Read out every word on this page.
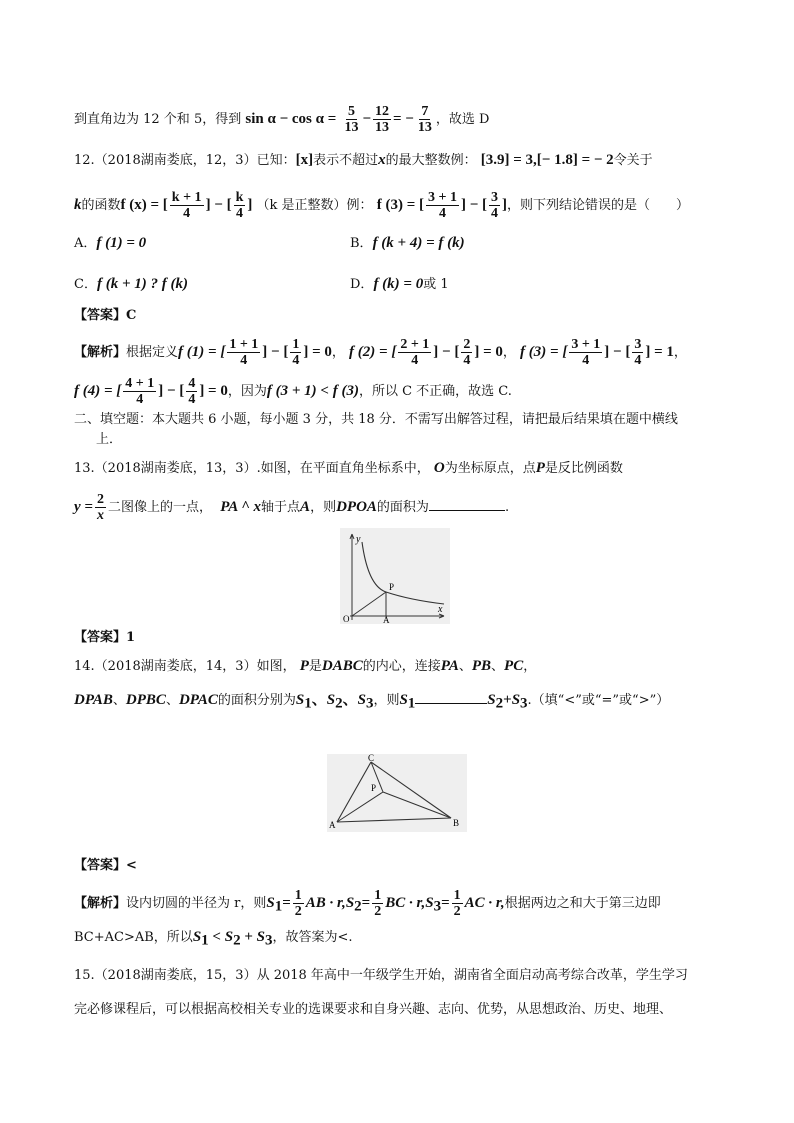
到直角边为 12 个和 5，得到 $\sin \alpha - \cos \alpha = \frac{5}{13} - \frac{12}{13}$ = − $\frac{7}{13}$ ，故选 D
12.（2018湖南娄底，12，3）已知：[x]表示不超过x的最大整数例： [3.9] = 3,[− 1.8] = − 2令关于
k的函数f (x) = [ $\frac{k + 1}{4}$ ] − [ $\frac{k}{4}$ ] （k 是正整数）例： f (3) = [ $\frac{3 + 1}{4}$ ] − [ $\frac{3}{4}$ ]，则下列结论错误的是（　　）
A．f (1) = 0	B．f (k + 4) = f (k)
C．f (k + 1) ? f (k)	D．f (k) = 0或 1
【答案】C
【解析】根据定义f (1) = [ $\frac{1 + 1}{4}$ ] − [ $\frac{1}{4}$ ] = 0， f (2) = [ $\frac{2 + 1}{4}$ ] − [ $\frac{2}{4}$ ] = 0， f (3) = [ $\frac{3 + 1}{4}$ ] − [ $\frac{3}{4}$ ] = 1，
f (4) = [ $\frac{4 + 1}{4}$ ] − [ $\frac{4}{4}$ ] = 0，因为f (3 + 1) < f (3)，所以 C 不正确，故选 C.
二、填空题：本大题共 6 小题，每小题 3 分，共 18 分．不需写出解答过程，请把最后结果填在题中横线
上．
13.（2018湖南娄底，13，3）.如图，在平面直角坐标系中， O为坐标原点，点P是反比例函数
$y = \frac{2}{x}$ 二图像上的一点， PA ^ x轴于点A，则DPOA的面积为	.
y
x
O	A
P
【答案】1
14.（2018湖南娄底，14，3）如图， P是DABC的内心，连接PA、PB、PC，
DPAB、DPBC、DPAC的面积分别为$S_1$、$S_2$、$S_3$，则$S_1$	$S_2+S_3$.（填“<”或“=”或“>”）
A	B
C
P
【答案】<
【解析】设内切圆的半径为 r，则$S_1= \frac{1}{2}$ AB · $r,S_2= \frac{1}{2}$ BC · $r,S_3= \frac{1}{2}$ AC · r,根据两边之和大于第三边即
BC+AC>AB，所以$S_1 < S_2 + S_3$，故答案为<.
15.（2018湖南娄底，15，3）从 2018 年高中一年级学生开始，湖南省全面启动高考综合改革，学生学习
完必修课程后，可以根据高校相关专业的选课要求和自身兴趣、志向、优势，从思想政治、历史、地理、
